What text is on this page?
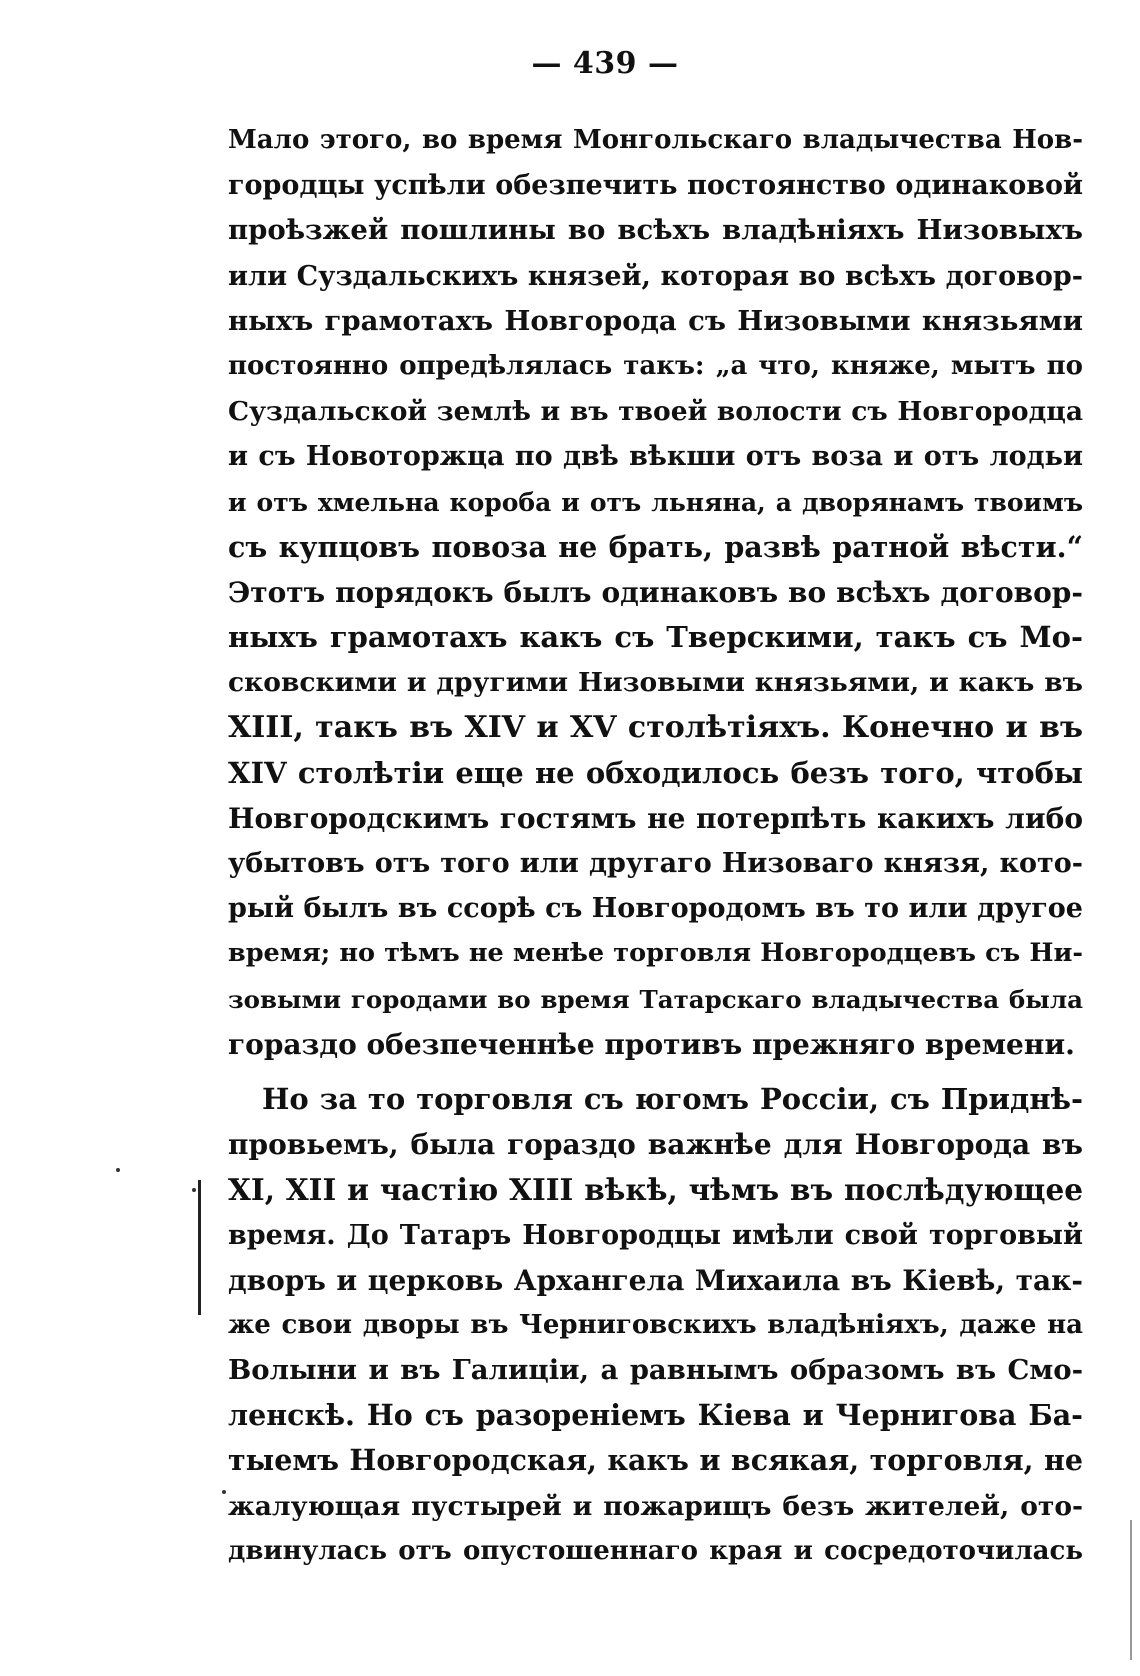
— 439 —
Мало этого, во время Монгольскаго владычества Нов-
городцы успѣли обезпечить постоянство одинаковой
проѣзжей пошлины во всѣхъ владѣніяхъ Низовыхъ
или Суздальскихъ князей, которая во всѣхъ договор-
ныхъ грамотахъ Новгорода съ Низовыми князьями
постоянно опредѣлялась такъ: „а что, княже, мытъ по
Суздальской землѣ и въ твоей волости съ Новгородца
и съ Новоторжца по двѣ вѣкши отъ воза и отъ лодьи
и отъ хмельна короба и отъ льняна, а дворянамъ твоимъ
съ купцовъ повоза не брать, развѣ ратной вѣсти.“
Этотъ порядокъ былъ одинаковъ во всѣхъ договор-
ныхъ грамотахъ какъ съ Тверскими, такъ съ Мо-
сковскими и другими Низовыми князьями, и какъ въ
XIII, такъ въ XIV и XV столѣтіяхъ. Конечно и въ
XIV столѣтіи еще не обходилось безъ того, чтобы
Новгородскимъ гостямъ не потерпѣть какихъ либо
убытовъ отъ того или другаго Низоваго князя, кото-
рый былъ въ ссорѣ съ Новгородомъ въ то или другое
время; но тѣмъ не менѣе торговля Новгородцевъ съ Ни-
зовыми городами во время Татарскаго владычества была
гораздо обезпеченнѣе противъ прежняго времени.
Но за то торговля съ югомъ Россіи, съ Приднѣ-
провьемъ, была гораздо важнѣе для Новгорода въ
XI, XII и частію XIII вѣкѣ, чѣмъ въ послѣдующее
время. До Татаръ Новгородцы имѣли свой торговый
дворъ и церковь Архангела Михаила въ Кіевѣ, так-
же свои дворы въ Черниговскихъ владѣніяхъ, даже на
Волыни и въ Галиціи, а равнымъ образомъ въ Смо-
ленскѣ. Но съ разореніемъ Кіева и Чернигова Ба-
тыемъ Новгородская, какъ и всякая, торговля, не
жалующая пустырей и пожарищъ безъ жителей, ото-
двинулась отъ опустошеннаго края и сосредоточилась
